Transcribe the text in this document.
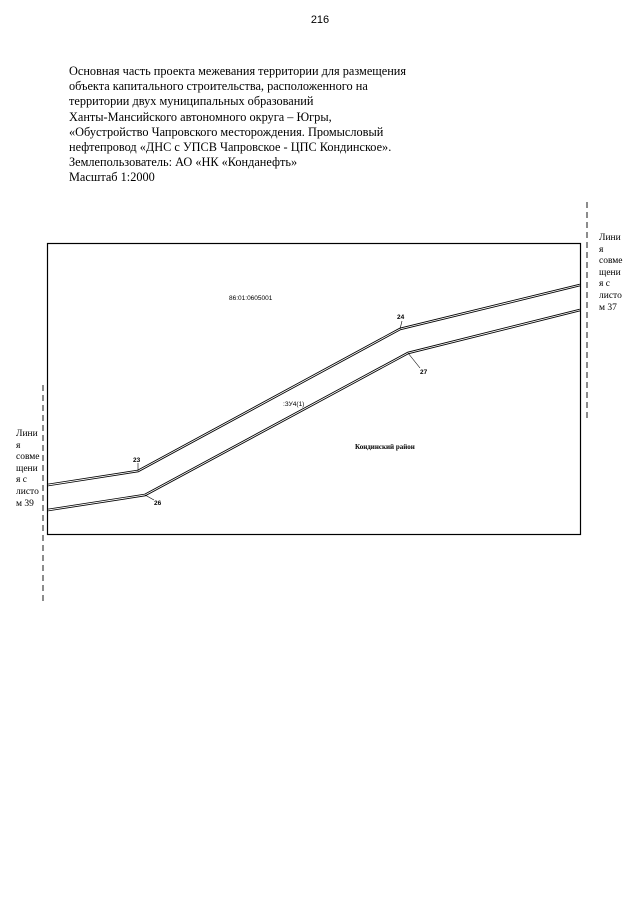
216
Основная часть проекта межевания территории для размещения
объекта капитального строительства, расположенного на
территории двух муниципальных образований
Ханты-Мансийского автономного округа – Югры,
«Обустройство Чапровского месторождения. Промысловый
нефтепровод «ДНС с УПСВ Чапровское - ЦПС Кондинское».
Землепользователь: АО «НК «Конданефть»
Масштаб 1:2000
86:01:0605001
:ЗУ4(1)
Кондинский район
23
24
26
27
Лини
я
совме
щени
я с
листо
м 37
Лини
я
совме
щени
я с
листо
м 39
